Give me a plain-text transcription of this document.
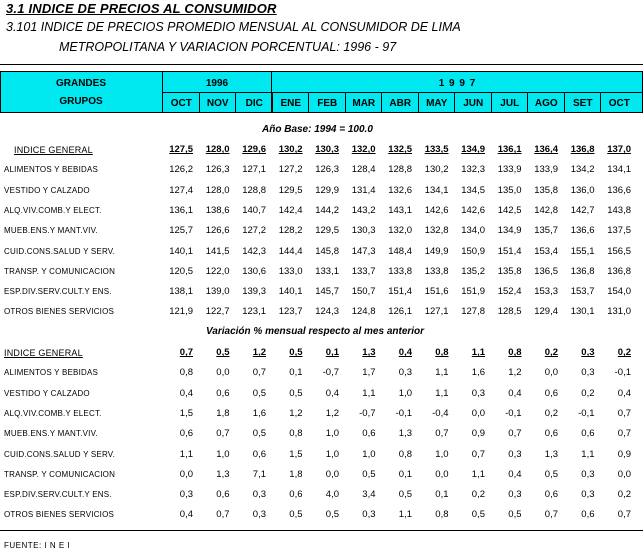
3.1 INDICE DE PRECIOS AL CONSUMIDOR
3.101 INDICE DE PRECIOS PROMEDIO MENSUAL AL CONSUMIDOR DE LIMA
METROPOLITANA Y VARIACION PORCENTUAL: 1996 - 97
GRANDES
GRUPOS
1996	1 9 9 7
OCT	NOV	DIC	ENE	FEB	MAR	ABR	MAY	JUN	JUL	AGO	SET	OCT
Año Base: 1994 = 100.0
INDICE GENERAL	127,5	128,0	129,6	130,2	130,3	132,0	132,5	133,5	134,9	136,1	136,4	136,8	137,0
ALIMENTOS Y BEBIDAS	126,2	126,3	127,1	127,2	126,3	128,4	128,8	130,2	132,3	133,9	133,9	134,2	134,1
VESTIDO Y CALZADO	127,4	128,0	128,8	129,5	129,9	131,4	132,6	134,1	134,5	135,0	135,8	136,0	136,6
ALQ.VIV.COMB.Y ELECT.	136,1	138,6	140,7	142,4	144,2	143,2	143,1	142,6	142,6	142,5	142,8	142,7	143,8
MUEB.ENS.Y MANT.VIV.	125,7	126,6	127,2	128,2	129,5	130,3	132,0	132,8	134,0	134,9	135,7	136,6	137,5
CUID.CONS.SALUD Y SERV.	140,1	141,5	142,3	144,4	145,8	147,3	148,4	149,9	150,9	151,4	153,4	155,1	156,5
TRANSP. Y COMUNICACION	120,5	122,0	130,6	133,0	133,1	133,7	133,8	133,8	135,2	135,8	136,5	136,8	136,8
ESP.DIV.SERV.CULT.Y ENS.	138,1	139,0	139,3	140,1	145,7	150,7	151,4	151,6	151,9	152,4	153,3	153,7	154,0
OTROS BIENES SERVICIOS	121,9	122,7	123,1	123,7	124,3	124,8	126,1	127,1	127,8	128,5	129,4	130,1	131,0
Variación % mensual respecto al mes anterior
INDICE GENERAL	0,7	0,5	1,2	0,5	0,1	1,3	0,4	0,8	1,1	0,8	0,2	0,3	0,2
ALIMENTOS Y BEBIDAS	0,8	0,0	0,7	0,1	-0,7	1,7	0,3	1,1	1,6	1,2	0,0	0,3	-0,1
VESTIDO Y CALZADO	0,4	0,6	0,5	0,5	0,4	1,1	1,0	1,1	0,3	0,4	0,6	0,2	0,4
ALQ.VIV.COMB.Y ELECT.	1,5	1,8	1,6	1,2	1,2	-0,7	-0,1	-0,4	0,0	-0,1	0,2	-0,1	0,7
MUEB.ENS.Y MANT.VIV.	0,6	0,7	0,5	0,8	1,0	0,6	1,3	0,7	0,9	0,7	0,6	0,6	0,7
CUID.CONS.SALUD Y SERV.	1,1	1,0	0,6	1,5	1,0	1,0	0,8	1,0	0,7	0,3	1,3	1,1	0,9
TRANSP. Y COMUNICACION	0,0	1,3	7,1	1,8	0,0	0,5	0,1	0,0	1,1	0,4	0,5	0,3	0,0
ESP.DIV.SERV.CULT.Y ENS.	0,3	0,6	0,3	0,6	4,0	3,4	0,5	0,1	0,2	0,3	0,6	0,3	0,2
OTROS BIENES SERVICIOS	0,4	0,7	0,3	0,5	0,5	0,3	1,1	0,8	0,5	0,5	0,7	0,6	0,7
FUENTE: I N E I
